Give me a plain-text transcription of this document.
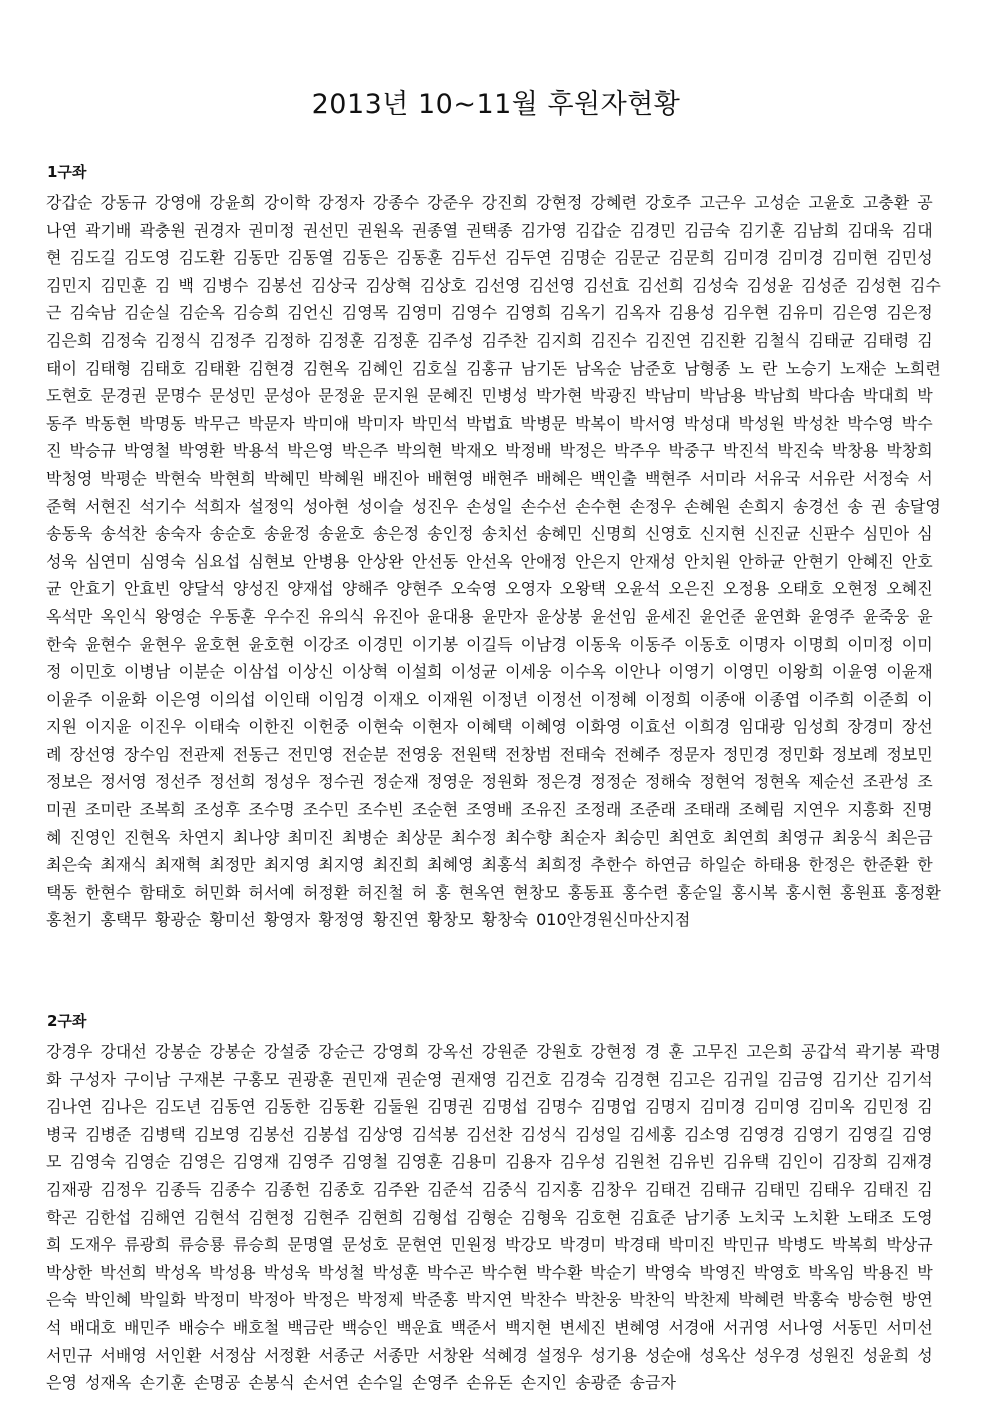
2013년 10~11월 후원자현황
1구좌
강갑순 강동규 강영애 강윤희 강이학 강정자 강종수 강준우 강진희 강현정 강혜련 강호주 고근우 고성순 고윤호 고충환 공나연 곽기배 곽충원 권경자 권미정 권선민 권원옥 권종열 권택종 김가영 김갑순 김경민 김금숙 김기훈 김남희 김대욱 김대현 김도길 김도영 김도환 김동만 김동열 김동은 김동훈 김두선 김두연 김명순 김문군 김문희 김미경 김미경 김미현 김민성 김민지 김민훈 김 백 김병수 김봉선 김상국 김상혁 김상호 김선영 김선영 김선효 김선희 김성숙 김성윤 김성준 김성현 김수근 김숙남 김순실 김순옥 김승희 김언신 김영목 김영미 김영수 김영희 김옥기 김옥자 김용성 김우현 김유미 김은영 김은정 김은희 김정숙 김정식 김정주 김정하 김정훈 김정훈 김주성 김주찬 김지희 김진수 김진연 김진환 김철식 김태균 김태령 김태이 김태형 김태호 김태환 김현경 김현옥 김혜인 김호실 김홍규 남기돈 남옥순 남준호 남형종 노 란 노승기 노재순 노희련 도현호 문경권 문명수 문성민 문성아 문정윤 문지원 문혜진 민병성 박가현 박광진 박남미 박남용 박남희 박다솜 박대희 박동주 박동현 박명동 박무근 박문자 박미애 박미자 박민석 박법효 박병문 박복이 박서영 박성대 박성원 박성찬 박수영 박수진 박승규 박영철 박영환 박용석 박은영 박은주 박의현 박재오 박정배 박정은 박주우 박중구 박진석 박진숙 박창용 박창희 박청영 박평순 박현숙 박현희 박혜민 박혜원 배진아 배현영 배현주 배혜은 백인출 백현주 서미라 서유국 서유란 서정숙 서준혁 서현진 석기수 석희자 설정익 성아현 성이슬 성진우 손성일 손수선 손수현 손정우 손혜원 손희지 송경선 송 권 송달영 송동욱 송석찬 송숙자 송순호 송윤정 송윤호 송은정 송인정 송치선 송혜민 신명희 신영호 신지현 신진균 신판수 심민아 심성욱 심연미 심영숙 심요섭 심현보 안병용 안상완 안선동 안선옥 안애정 안은지 안재성 안치원 안하균 안현기 안혜진 안호균 안효기 안효빈 양달석 양성진 양재섭 양해주 양현주 오숙영 오영자 오왕택 오윤석 오은진 오정용 오태호 오현정 오혜진 옥석만 옥인식 왕영순 우동훈 우수진 유의식 유진아 윤대용 윤만자 윤상봉 윤선임 윤세진 윤언준 윤연화 윤영주 윤죽웅 윤한숙 윤현수 윤현우 윤호현 윤호현 이강조 이경민 이기봉 이길득 이남경 이동욱 이동주 이동호 이명자 이명희 이미정 이미정 이민호 이병남 이분순 이삼섭 이상신 이상혁 이설희 이성균 이세웅 이수옥 이안나 이영기 이영민 이왕희 이윤영 이윤재 이윤주 이윤화 이은영 이의섭 이인태 이임경 이재오 이재원 이정년 이정선 이정혜 이정희 이종애 이종엽 이주희 이준희 이지원 이지윤 이진우 이태숙 이한진 이헌중 이현숙 이현자 이혜택 이혜영 이화영 이효선 이희경 임대광 임성희 장경미 장선례 장선영 장수임 전관제 전동근 전민영 전순분 전영웅 전원택 전창범 전태숙 전혜주 정문자 정민경 정민화 정보례 정보민 정보은 정서영 정선주 정선희 정성우 정수권 정순재 정영운 정원화 정은경 정정순 정해숙 정현억 정현옥 제순선 조관성 조미권 조미란 조복희 조성후 조수명 조수민 조수빈 조순현 조영배 조유진 조정래 조준래 조태래 조혜림 지연우 지흥화 진명혜 진영인 진현옥 차연지 최나양 최미진 최병순 최상문 최수정 최수향 최순자 최승민 최연호 최연희 최영규 최웅식 최은금 최은숙 최재식 최재혁 최정만 최지영 최지영 최진희 최혜영 최홍석 최희정 추한수 하연금 하일순 하태용 한정은 한준환 한택동 한현수 함태호 허민화 허서예 허정환 허진철 허 홍 현옥연 현창모 홍동표 홍수련 홍순일 홍시복 홍시현 홍원표 홍정환 홍천기 홍택무 황광순 황미선 황영자 황정영 황진연 황창모 황창숙 010안경원신마산지점
2구좌
강경우 강대선 강봉순 강봉순 강설중 강순근 강영희 강옥선 강원준 강원호 강현정 경 훈 고무진 고은희 공갑석 곽기봉 곽명화 구성자 구이남 구재본 구홍모 권광훈 권민재 권순영 권재영 김건호 김경숙 김경현 김고은 김귀일 김금영 김기산 김기석 김나연 김나은 김도년 김동연 김동한 김동환 김둘원 김명권 김명섭 김명수 김명업 김명지 김미경 김미영 김미옥 김민정 김병국 김병준 김병택 김보영 김봉선 김봉섭 김상영 김석봉 김선찬 김성식 김성일 김세홍 김소영 김영경 김영기 김영길 김영모 김영숙 김영순 김영은 김영재 김영주 김영철 김영훈 김용미 김용자 김우성 김원천 김유빈 김유택 김인이 김장희 김재경 김재광 김정우 김종득 김종수 김종헌 김종호 김주완 김준석 김중식 김지홍 김창우 김태건 김태규 김태민 김태우 김태진 김학곤 김한섭 김해연 김현석 김현정 김현주 김현희 김형섭 김형순 김형욱 김호현 김효준 남기종 노치국 노치환 노태조 도영희 도재우 류광희 류승룡 류승희 문명열 문성호 문현연 민원정 박강모 박경미 박경태 박미진 박민규 박병도 박복희 박상규 박상한 박선희 박성옥 박성용 박성욱 박성철 박성훈 박수곤 박수현 박수환 박순기 박영숙 박영진 박영호 박옥임 박용진 박은숙 박인혜 박일화 박정미 박정아 박정은 박정제 박준홍 박지연 박찬수 박찬웅 박찬익 박찬제 박혜련 박홍숙 방승현 방연석 배대호 배민주 배승수 배호철 백금란 백승인 백운효 백준서 백지현 변세진 변혜영 서경애 서귀영 서나영 서동민 서미선 서민규 서배영 서인환 서정삼 서정환 서종군 서종만 서창완 석혜경 설정우 성기용 성순애 성옥산 성우경 성원진 성윤희 성은영 성재옥 손기훈 손명공 손봉식 손서연 손수일 손영주 손유돈 손지인 송광준 송금자
